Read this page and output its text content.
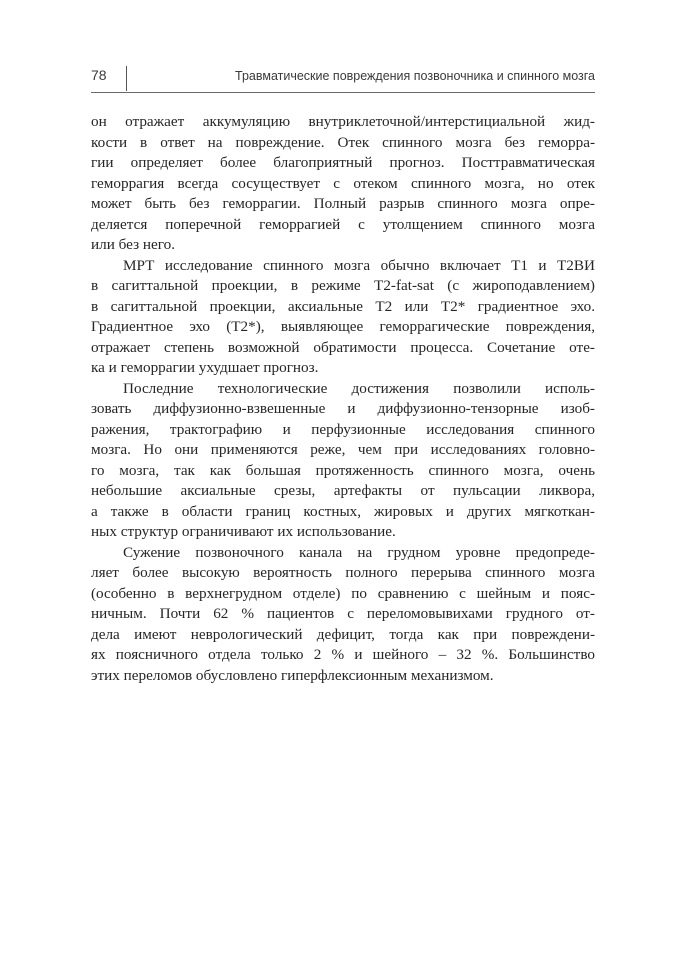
78	Травматические повреждения позвоночника и спинного мозга
он отражает аккумуляцию внутриклеточной/интерстициальной жид-
кости в ответ на повреждение. Отек спинного мозга без геморра-
гии определяет более благоприятный прогноз. Посттравматическая
геморрагия всегда сосуществует с отеком спинного мозга, но отек
может быть без геморрагии. Полный разрыв спинного мозга опре-
деляется поперечной геморрагией с утолщением спинного мозга
или без него.
МРТ исследование спинного мозга обычно включает Т1 и Т2ВИ
в сагиттальной проекции, в режиме Т2-fat-sat (с жироподавлением)
в сагиттальной проекции, аксиальные Т2 или Т2* градиентное эхо.
Градиентное эхо (Т2*), выявляющее геморрагические повреждения,
отражает степень возможной обратимости процесса. Сочетание оте-
ка и геморрагии ухудшает прогноз.
Последние технологические достижения позволили исполь-
зовать диффузионно-взвешенные и диффузионно-тензорные изоб-
ражения, трактографию и перфузионные исследования спинного
мозга. Но они применяются реже, чем при исследованиях головно-
го мозга, так как большая протяженность спинного мозга, очень
небольшие аксиальные срезы, артефакты от пульсации ликвора,
а также в области границ костных, жировых и других мягкоткан-
ных структур ограничивают их использование.
Сужение позвоночного канала на грудном уровне предопреде-
ляет более высокую вероятность полного перерыва спинного мозга
(особенно в верхнегрудном отделе) по сравнению с шейным и пояс-
ничным. Почти 62 % пациентов с переломовывихами грудного от-
дела имеют неврологический дефицит, тогда как при повреждени-
ях поясничного отдела только 2 % и шейного – 32 %. Большинство
этих переломов обусловлено гиперфлексионным механизмом.
